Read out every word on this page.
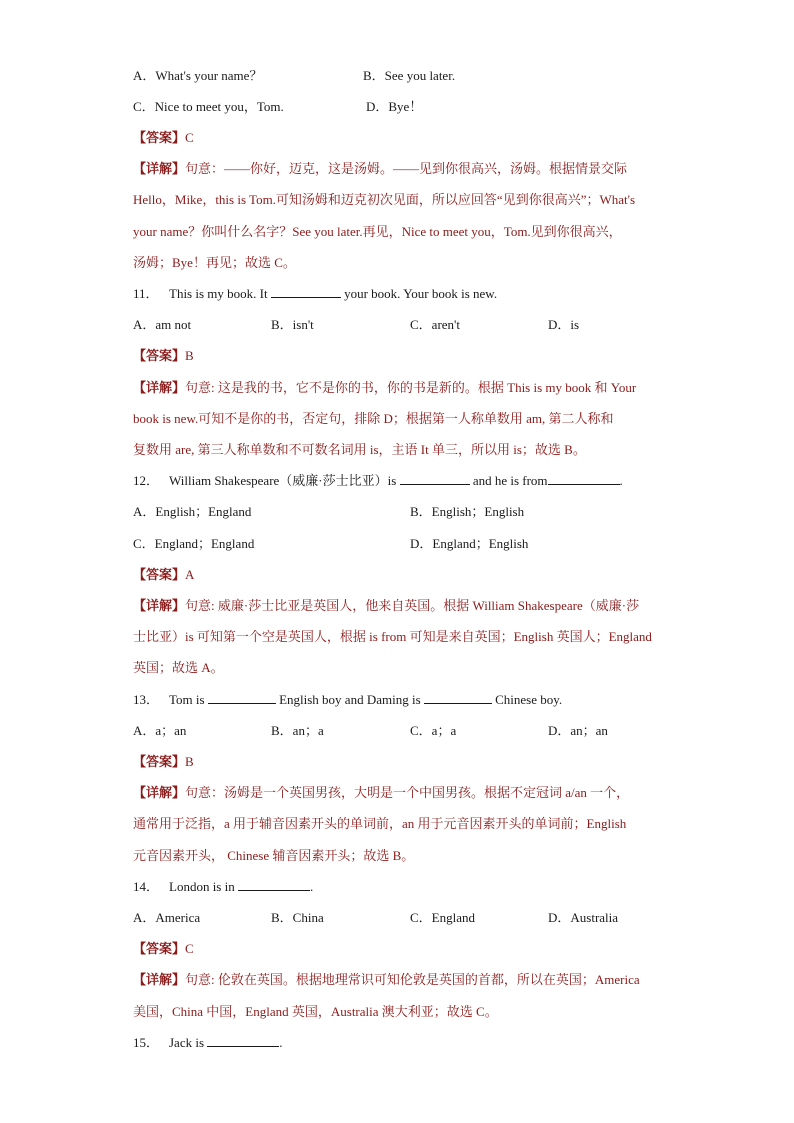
A．What's your name？	B．See you later.
C．Nice to meet you，Tom.	D．Bye！
【答案】C
【详解】句意：——你好，迈克，这是汤姆。——见到你很高兴，汤姆。根据情景交际
Hello，Mike，this is Tom.可知汤姆和迈克初次见面，所以应回答“见到你很高兴”；What's
your name？你叫什么名字？See you later.再见，Nice to meet you，Tom.见到你很高兴，
汤姆；Bye！再见；故选 C。
11． This is my book. It	your book. Your book is new.
A．am not	B．isn't	C．aren't	D．is
【答案】B
【详解】句意: 这是我的书，它不是你的书，你的书是新的。根据 This is my book 和 Your
book is new.可知不是你的书，否定句，排除 D；根据第一人称单数用 am, 第二人称和
复数用 are, 第三人称单数和不可数名词用 is，主语 It 单三，所以用 is；故选 B。
12． William Shakespeare（威廉·莎士比亚）is	and he is from	.
A．English；England	B．English；English
C．England；England	D．England；English
【答案】A
【详解】句意: 威廉·莎士比亚是英国人，他来自英国。根据 William Shakespeare（威廉·莎
士比亚）is 可知第一个空是英国人，根据 is from 可知是来自英国；English 英国人；England
英国；故选 A。
13． Tom is	English boy and Daming is	Chinese boy.
A．a；an	B．an；a	C．a；a	D．an；an
【答案】B
【详解】句意：汤姆是一个英国男孩，大明是一个中国男孩。根据不定冠词 a/an 一个，
通常用于泛指，a 用于辅音因素开头的单词前，an 用于元音因素开头的单词前；English
元音因素开头， Chinese 辅音因素开头；故选 B。
14． London is in	.
A．America	B．China	C．England	D．Australia
【答案】C
【详解】句意: 伦敦在英国。根据地理常识可知伦敦是英国的首都，所以在英国；America
美国，China 中国，England 英国，Australia 澳大利亚；故选 C。
15． Jack is	.
